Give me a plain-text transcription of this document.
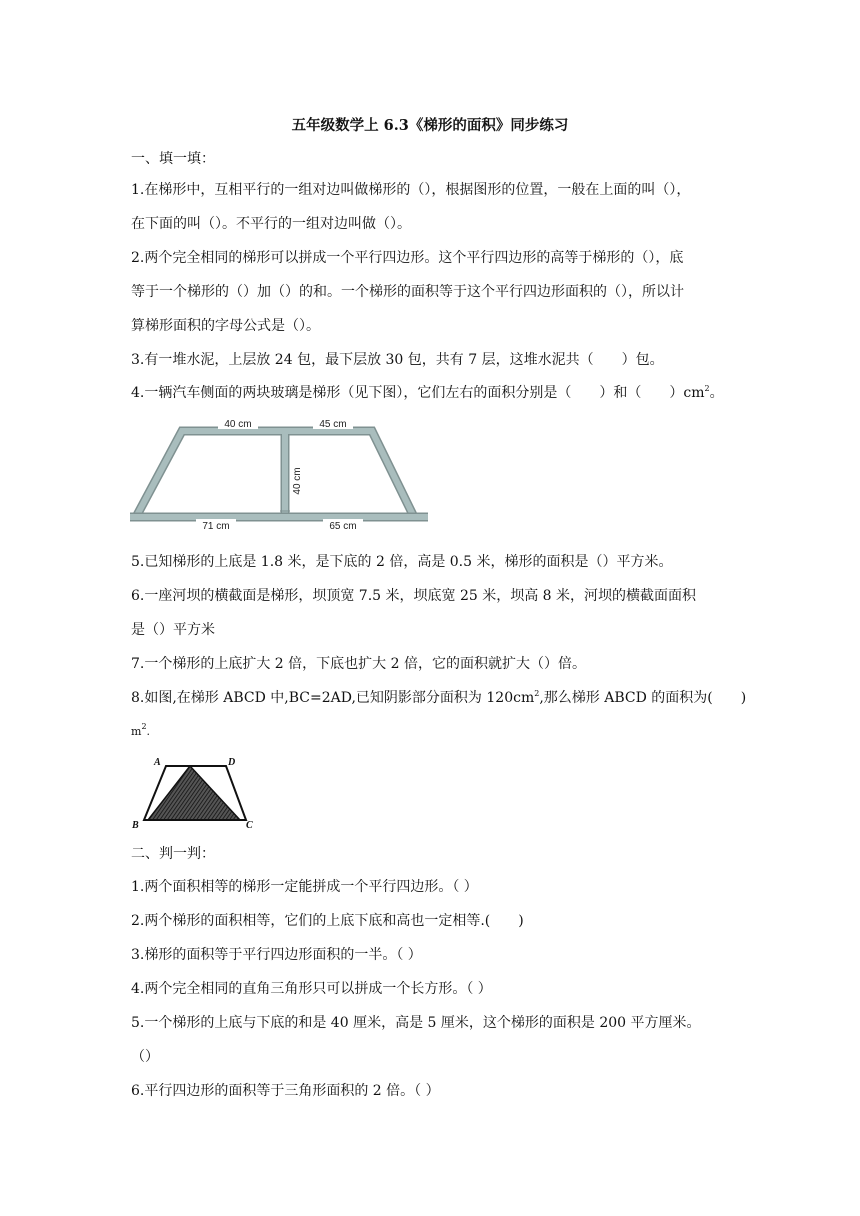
五年级数学上 6.3《梯形的面积》同步练习
一、填一填：
1.在梯形中，互相平行的一组对边叫做梯形的（），根据图形的位置，一般在上面的叫（），
在下面的叫（）。不平行的一组对边叫做（）。
2.两个完全相同的梯形可以拼成一个平行四边形。这个平行四边形的高等于梯形的（），底
等于一个梯形的（）加（）的和。一个梯形的面积等于这个平行四边形面积的（），所以计
算梯形面积的字母公式是（）。
3.有一堆水泥，上层放 24 包，最下层放 30 包，共有 7 层，这堆水泥共（　　）包。
4.一辆汽车侧面的两块玻璃是梯形（见下图），它们左右的面积分别是（　　）和（　　）$cm^2$。
40 cm	45 cm
40 cm
71 cm	65 cm
5.已知梯形的上底是 1.8 米，是下底的 2 倍，高是 0.5 米，梯形的面积是（）平方米。
6.一座河坝的横截面是梯形，坝顶宽 7.5 米，坝底宽 25 米，坝高 8 米，河坝的横截面面积
是（）平方米
7.一个梯形的上底扩大 2 倍，下底也扩大 2 倍，它的面积就扩大（）倍。
8.如图,在梯形 ABCD 中,BC=2AD,已知阴影部分面积为 $120cm^2$,那么梯形 ABCD 的面积为(　　)
$m^2$.
A	D
B	C
二、判一判：
1.两个面积相等的梯形一定能拼成一个平行四边形。（ ）
2.两个梯形的面积相等，它们的上底下底和高也一定相等.(　　)
3.梯形的面积等于平行四边形面积的一半。（ ）
4.两个完全相同的直角三角形只可以拼成一个长方形。（ ）
5.一个梯形的上底与下底的和是 40 厘米，高是 5 厘米，这个梯形的面积是 200 平方厘米。
（）
6.平行四边形的面积等于三角形面积的 2 倍。（ ）
